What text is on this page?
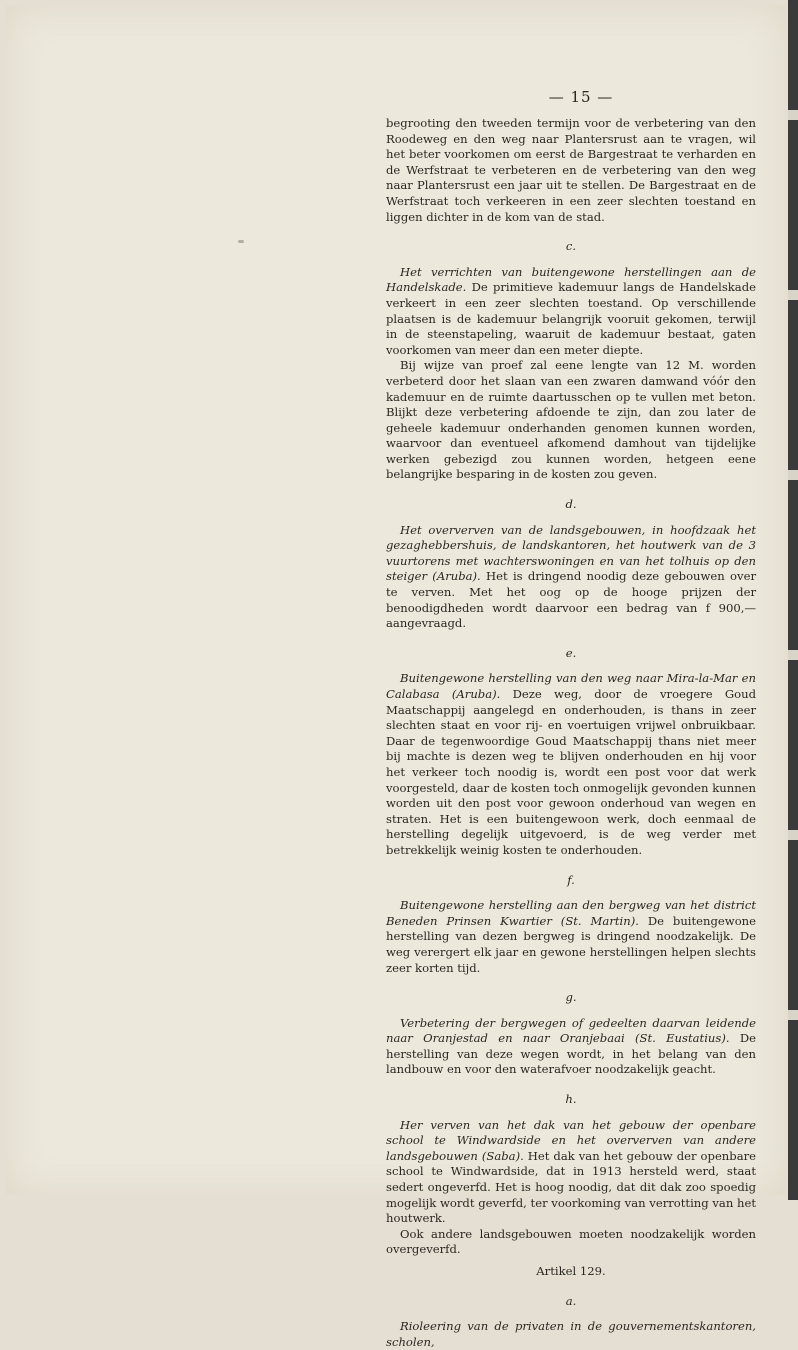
— 15 —

begrooting den tweeden termijn voor de verbetering van den Roodeweg en den weg naar Plantersrust aan te vragen, wil het beter voorkomen om eerst de Bargestraat te verharden en de Werfstraat te verbeteren en de verbetering van den weg naar Plantersrust een jaar uit te stellen. De Bargestraat en de Werfstraat toch verkeeren in een zeer slechten toestand en liggen dichter in de kom van de stad.

c.

Het verrichten van buitengewone herstellingen aan de Handelskade. De primitieve kademuur langs de Handelskade verkeert in een zeer slechten toestand. Op verschillende plaatsen is de kademuur belangrijk vooruit gekomen, terwijl in de steenstapeling, waaruit de kademuur bestaat, gaten voorkomen van meer dan een meter diepte.

Bij wijze van proef zal eene lengte van 12 M. worden verbeterd door het slaan van een zwaren damwand vóór den kademuur en de ruimte daartusschen op te vullen met beton. Blijkt deze verbetering afdoende te zijn, dan zou later de geheele kademuur onderhanden genomen kunnen worden, waarvoor dan eventueel afkomend damhout van tijdelijke werken gebezigd zou kunnen worden, hetgeen eene belangrijke besparing in de kosten zou geven.

d.

Het oververven van de landsgebouwen, in hoofdzaak het gezaghebbershuis, de landskantoren, het houtwerk van de 3 vuurtorens met wachterswoningen en van het tolhuis op den steiger (Aruba). Het is dringend noodig deze gebouwen over te verven. Met het oog op de hooge prijzen der benoodigdheden wordt daarvoor een bedrag van f 900,— aangevraagd.

e.

Buitengewone herstelling van den weg naar Mira-la-Mar en Calabasa (Aruba). Deze weg, door de vroegere Goud Maatschappij aangelegd en onderhouden, is thans in zeer slechten staat en voor rij- en voertuigen vrijwel onbruikbaar. Daar de tegenwoordige Goud Maatschappij thans niet meer bij machte is dezen weg te blijven onderhouden en hij voor het verkeer toch noodig is, wordt een post voor dat werk voorgesteld, daar de kosten toch onmogelijk gevonden kunnen worden uit den post voor gewoon onderhoud van wegen en straten. Het is een buitengewoon werk, doch eenmaal de herstelling degelijk uitgevoerd, is de weg verder met betrekkelijk weinig kosten te onderhouden.

f.

Buitengewone herstelling aan den bergweg van het district Beneden Prinsen Kwartier (St. Martin). De buitengewone herstelling van dezen bergweg is dringend noodzakelijk. De weg verergert elk jaar en gewone herstellingen helpen slechts zeer korten tijd.

g.

Verbetering der bergwegen of gedeelten daarvan leidende naar Oranjestad en naar Oranjebaai (St. Eustatius). De herstelling van deze wegen wordt, in het belang van den landbouw en voor den waterafvoer noodzakelijk geacht.

h.

Her verven van het dak van het gebouw der openbare school te Windwardside en het oververven van andere landsgebouwen (Saba). Het dak van het gebouw der openbare school te Windwardside, dat in 1913 hersteld werd, staat sedert ongeverfd. Het is hoog noodig, dat dit dak zoo spoedig mogelijk wordt geverfd, ter voorkoming van verrotting van het houtwerk.

Ook andere landsgebouwen moeten noodzakelijk worden overgeverfd.

Artikel 129.
a.

Rioleering van de privaten in de gouvernementskantoren, scholen,
